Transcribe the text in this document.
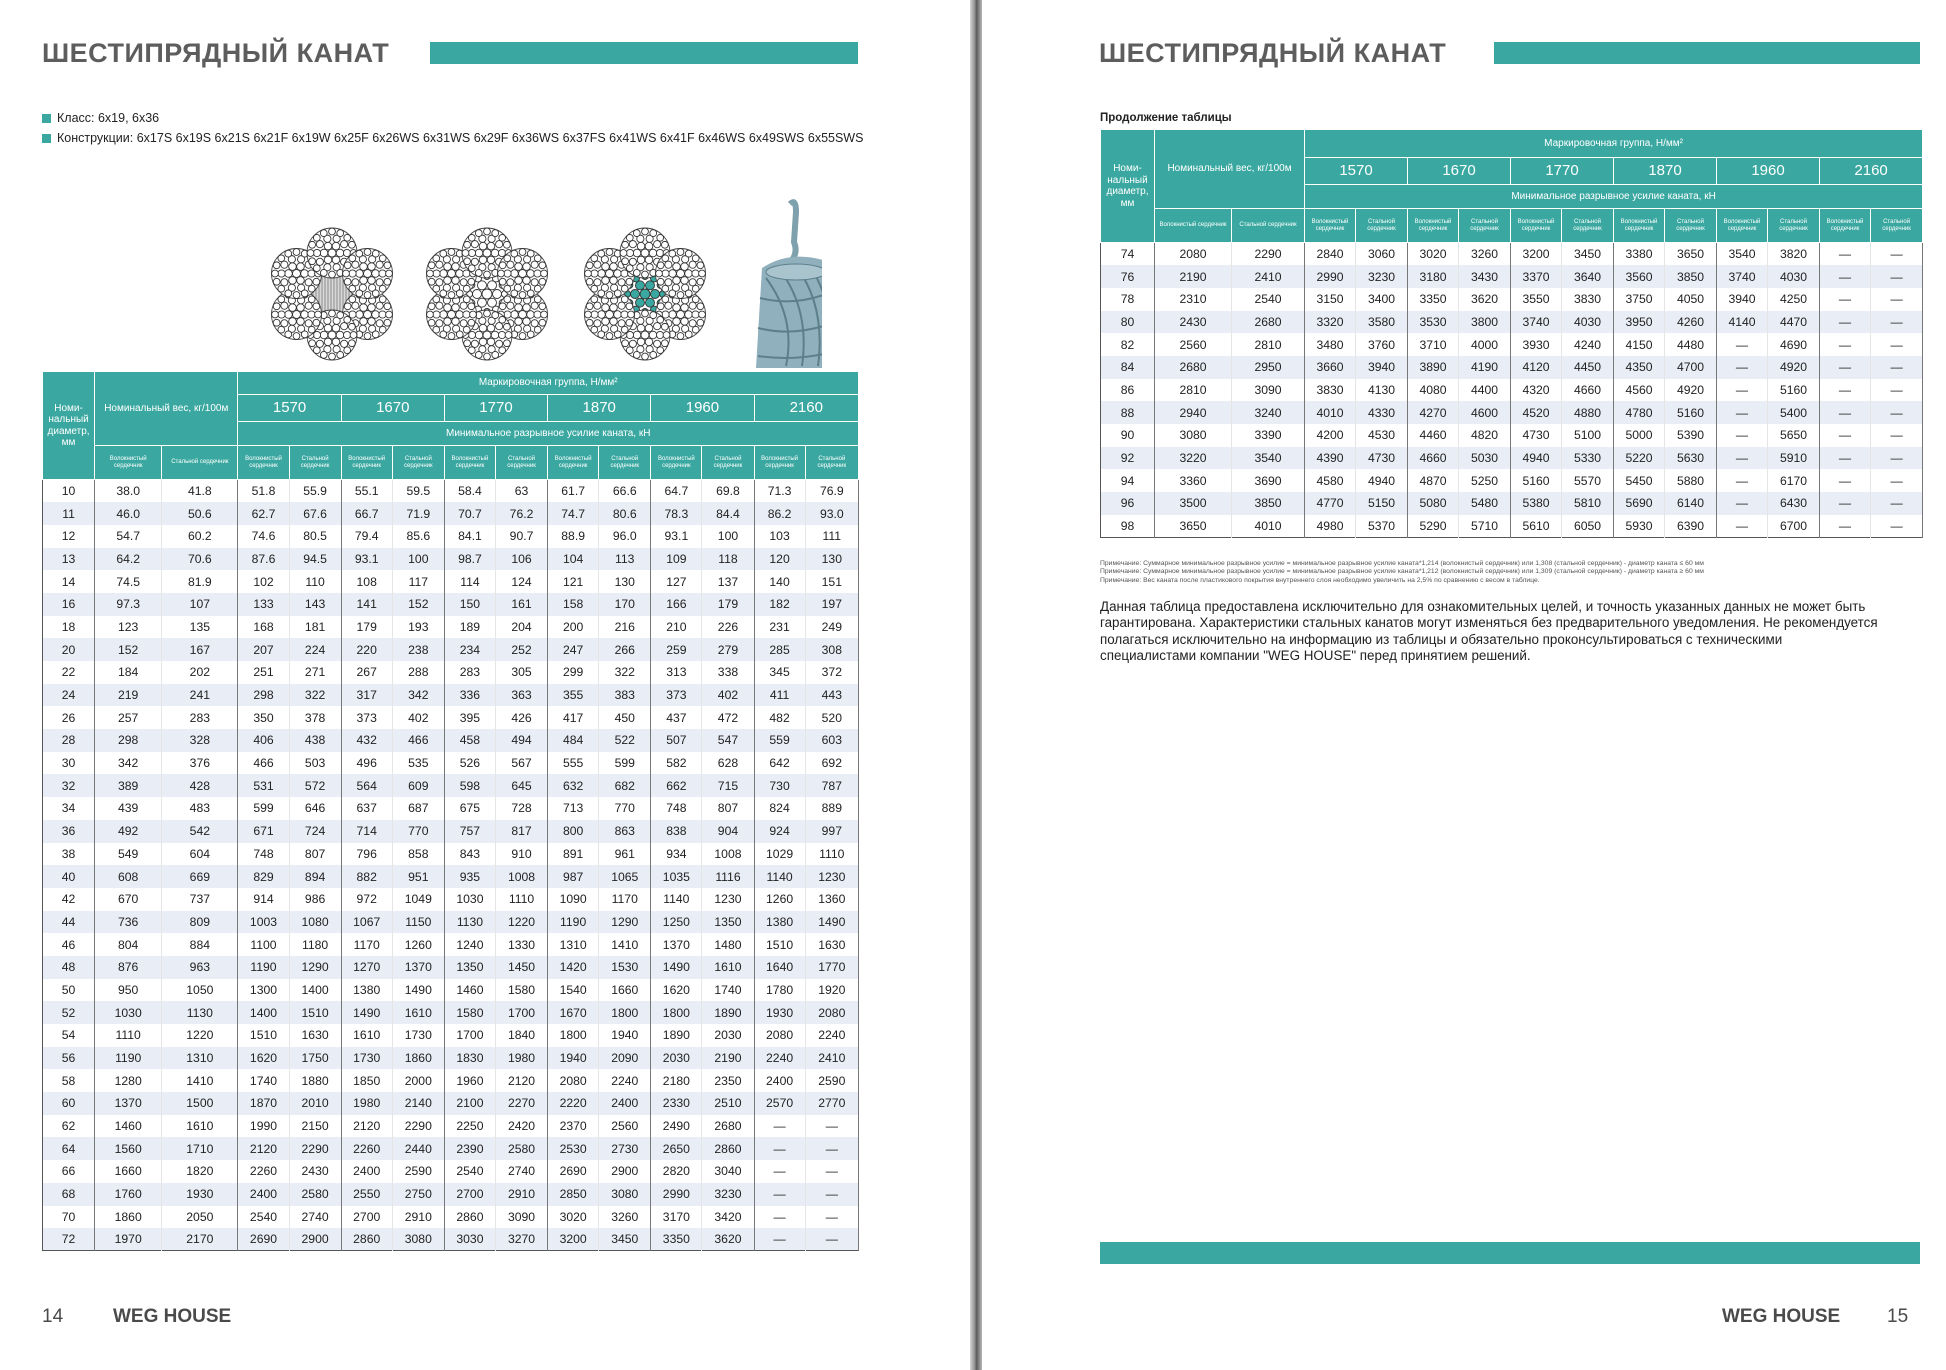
ШЕСТИПРЯДНЫЙ КАНАТ
Класс: 6х19, 6х36
Конструкции: 6x17S 6x19S 6x21S 6x21F 6x19W 6x25F 6x26WS 6x31WS 6x29F 6x36WS 6x37FS 6x41WS 6x41F 6x46WS 6x49SWS 6x55SWS
Номи-нальный диаметр, мм	Номинальный вес, кг/100м		Маркировочная группа, Н/мм²											
			1570		1670		1770		1870		1960		2160	
			Минимальное разрывное усилие каната, кН											
	Волокнистый сердечник	Стальной сердечник	Волокнистый сердечник	Стальной сердечник	Волокнистый сердечник	Стальной сердечник	Волокнистый сердечник	Стальной сердечник	Волокнистый сердечник	Стальной сердечник	Волокнистый сердечник	Стальной сердечник	Волокнистый сердечник	Стальной сердечник
10	38.0	41.8	51.8	55.9	55.1	59.5	58.4	63	61.7	66.6	64.7	69.8	71.3	76.9
11	46.0	50.6	62.7	67.6	66.7	71.9	70.7	76.2	74.7	80.6	78.3	84.4	86.2	93.0
12	54.7	60.2	74.6	80.5	79.4	85.6	84.1	90.7	88.9	96.0	93.1	100	103	111
13	64.2	70.6	87.6	94.5	93.1	100	98.7	106	104	113	109	118	120	130
14	74.5	81.9	102	110	108	117	114	124	121	130	127	137	140	151
16	97.3	107	133	143	141	152	150	161	158	170	166	179	182	197
18	123	135	168	181	179	193	189	204	200	216	210	226	231	249
20	152	167	207	224	220	238	234	252	247	266	259	279	285	308
22	184	202	251	271	267	288	283	305	299	322	313	338	345	372
24	219	241	298	322	317	342	336	363	355	383	373	402	411	443
26	257	283	350	378	373	402	395	426	417	450	437	472	482	520
28	298	328	406	438	432	466	458	494	484	522	507	547	559	603
30	342	376	466	503	496	535	526	567	555	599	582	628	642	692
32	389	428	531	572	564	609	598	645	632	682	662	715	730	787
34	439	483	599	646	637	687	675	728	713	770	748	807	824	889
36	492	542	671	724	714	770	757	817	800	863	838	904	924	997
38	549	604	748	807	796	858	843	910	891	961	934	1008	1029	1110
40	608	669	829	894	882	951	935	1008	987	1065	1035	1116	1140	1230
42	670	737	914	986	972	1049	1030	1110	1090	1170	1140	1230	1260	1360
44	736	809	1003	1080	1067	1150	1130	1220	1190	1290	1250	1350	1380	1490
46	804	884	1100	1180	1170	1260	1240	1330	1310	1410	1370	1480	1510	1630
48	876	963	1190	1290	1270	1370	1350	1450	1420	1530	1490	1610	1640	1770
50	950	1050	1300	1400	1380	1490	1460	1580	1540	1660	1620	1740	1780	1920
52	1030	1130	1400	1510	1490	1610	1580	1700	1670	1800	1800	1890	1930	2080
54	1110	1220	1510	1630	1610	1730	1700	1840	1800	1940	1890	2030	2080	2240
56	1190	1310	1620	1750	1730	1860	1830	1980	1940	2090	2030	2190	2240	2410
58	1280	1410	1740	1880	1850	2000	1960	2120	2080	2240	2180	2350	2400	2590
60	1370	1500	1870	2010	1980	2140	2100	2270	2220	2400	2330	2510	2570	2770
62	1460	1610	1990	2150	2120	2290	2250	2420	2370	2560	2490	2680	—	—
64	1560	1710	2120	2290	2260	2440	2390	2580	2530	2730	2650	2860	—	—
66	1660	1820	2260	2430	2400	2590	2540	2740	2690	2900	2820	3040	—	—
68	1760	1930	2400	2580	2550	2750	2700	2910	2850	3080	2990	3230	—	—
70	1860	2050	2540	2740	2700	2910	2860	3090	3020	3260	3170	3420	—	—
72	1970	2170	2690	2900	2860	3080	3030	3270	3200	3450	3350	3620	—	—
14	WEG HOUSE
ШЕСТИПРЯДНЫЙ КАНАТ
Продолжение таблицы
Номи-нальный диаметр, мм	Номинальный вес, кг/100м		Маркировочная группа, Н/мм²											
			1570		1670		1770		1870		1960		2160	
			Минимальное разрывное усилие каната, кН											
	Волокнистый сердечник	Стальной сердечник	Волокнистый сердечник	Стальной сердечник	Волокнистый сердечник	Стальной сердечник	Волокнистый сердечник	Стальной сердечник	Волокнистый сердечник	Стальной сердечник	Волокнистый сердечник	Стальной сердечник	Волокнистый сердечник	Стальной сердечник
74	2080	2290	2840	3060	3020	3260	3200	3450	3380	3650	3540	3820	—	—
76	2190	2410	2990	3230	3180	3430	3370	3640	3560	3850	3740	4030	—	—
78	2310	2540	3150	3400	3350	3620	3550	3830	3750	4050	3940	4250	—	—
80	2430	2680	3320	3580	3530	3800	3740	4030	3950	4260	4140	4470	—	—
82	2560	2810	3480	3760	3710	4000	3930	4240	4150	4480	—	4690	—	—
84	2680	2950	3660	3940	3890	4190	4120	4450	4350	4700	—	4920	—	—
86	2810	3090	3830	4130	4080	4400	4320	4660	4560	4920	—	5160	—	—
88	2940	3240	4010	4330	4270	4600	4520	4880	4780	5160	—	5400	—	—
90	3080	3390	4200	4530	4460	4820	4730	5100	5000	5390	—	5650	—	—
92	3220	3540	4390	4730	4660	5030	4940	5330	5220	5630	—	5910	—	—
94	3360	3690	4580	4940	4870	5250	5160	5570	5450	5880	—	6170	—	—
96	3500	3850	4770	5150	5080	5480	5380	5810	5690	6140	—	6430	—	—
98	3650	4010	4980	5370	5290	5710	5610	6050	5930	6390	—	6700	—	—
Примечание: Суммарное минимальное разрывное усилие = минимальное разрывное усилие каната*1,214 (волокнистый сердечник) или 1,308 (стальной сердечник) - диаметр каната ≤ 60 мм
Примечание: Суммарное минимальное разрывное усилие = минимальное разрывное усилие каната*1,212 (волокнистый сердечник) или 1,309 (стальной сердечник) - диаметр каната ≥ 60 мм
Примечание: Вес каната после пластикового покрытия внутреннего слоя необходимо увеличить на 2,5% по сравнению с весом в таблице.
Данная таблица предоставлена исключительно для ознакомительных целей, и точность указанных данных не может быть
гарантирована. Характеристики стальных канатов могут изменяться без предварительного уведомления. Не рекомендуется
полагаться исключительно на информацию из таблицы и обязательно проконсультироваться с техническими
специалистами компании "WEG HOUSE" перед принятием решений.
WEG HOUSE 15
